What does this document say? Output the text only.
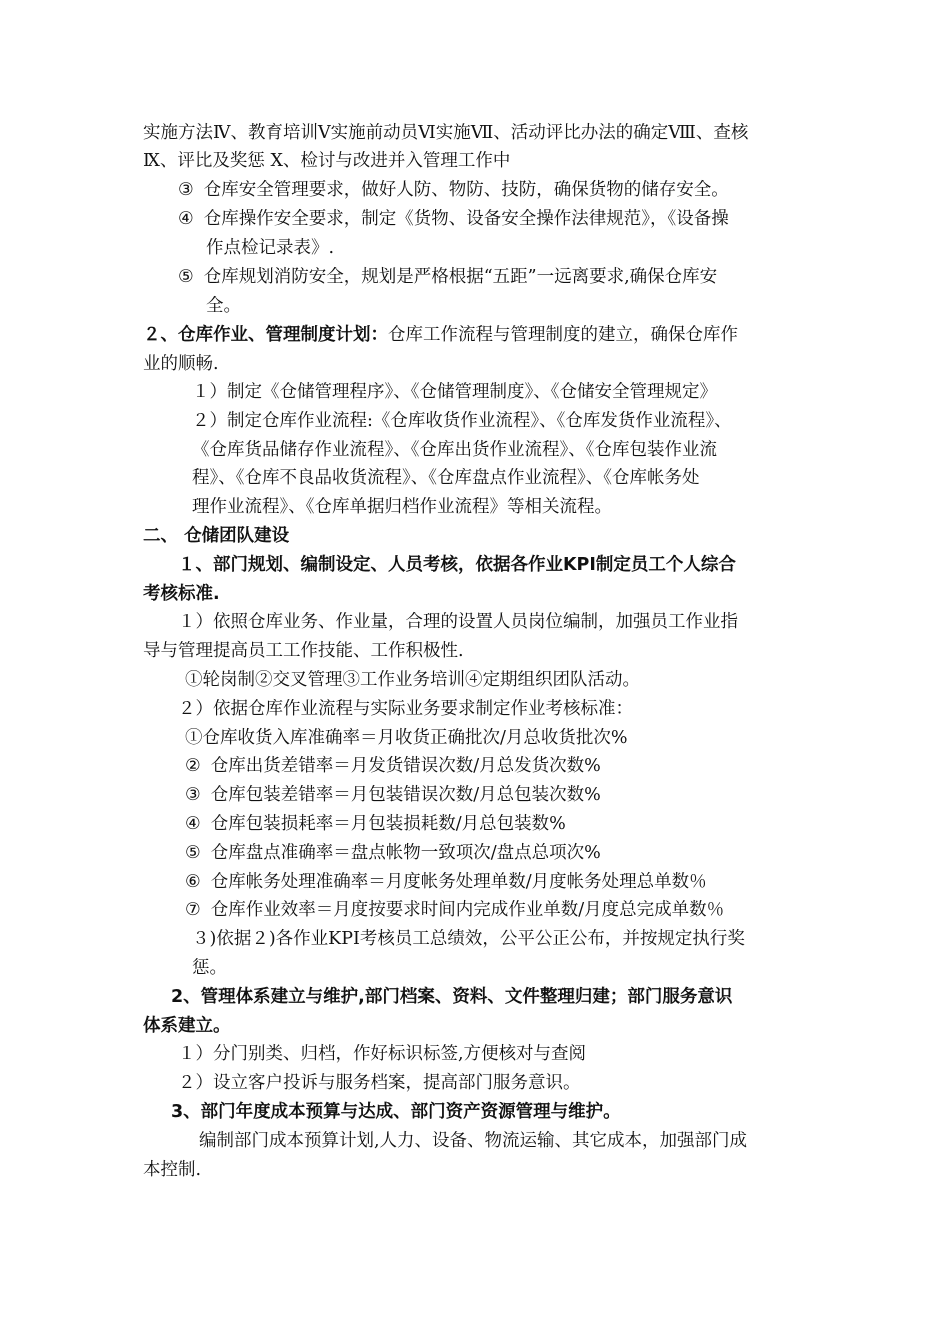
实施方法Ⅳ、教育培训Ⅴ实施前动员Ⅵ实施Ⅶ、活动评比办法的确定Ⅷ、查核
Ⅸ、评比及奖惩 Ⅹ、检讨与改进并入管理工作中
③ 仓库安全管理要求，做好人防、物防、技防，确保货物的储存安全。
④ 仓库操作安全要求，制定《货物、设备安全操作法律规范》，《设备操
作点检记录表》.
⑤ 仓库规划消防安全，规划是严格根据“五距”一远离要求,确保仓库安
全。
２、仓库作业、管理制度计划：仓库工作流程与管理制度的建立，确保仓库作
业的顺畅.
１）制定《仓储管理程序》、《仓储管理制度》、《仓储安全管理规定》
２）制定仓库作业流程:《仓库收货作业流程》、《仓库发货作业流程》、
《仓库货品储存作业流程》、《仓库出货作业流程》、《仓库包装作业流
程》、《仓库不良品收货流程》、《仓库盘点作业流程》、《仓库帐务处
理作业流程》、《仓库单据归档作业流程》等相关流程。
二、 仓储团队建设
１、部门规划、编制设定、人员考核，依据各作业KPI制定员工个人综合
考核标准.
１）依照仓库业务、作业量，合理的设置人员岗位编制，加强员工作业指
导与管理提高员工工作技能、工作积极性.
①轮岗制②交叉管理③工作业务培训④定期组织团队活动。
２）依据仓库作业流程与实际业务要求制定作业考核标准：
①仓库收货入库准确率＝月收货正确批次/月总收货批次%
② 仓库出货差错率＝月发货错误次数/月总发货次数%
③ 仓库包装差错率＝月包装错误次数/月总包装次数%
④ 仓库包装损耗率＝月包装损耗数/月总包装数%
⑤ 仓库盘点准确率＝盘点帐物一致项次/盘点总项次%
⑥ 仓库帐务处理准确率＝月度帐务处理单数/月度帐务处理总单数％
⑦ 仓库作业效率＝月度按要求时间内完成作业单数/月度总完成单数％
３)依据２)各作业KPI考核员工总绩效，公平公正公布，并按规定执行奖
惩。
2、管理体系建立与维护,部门档案、资料、文件整理归建；部门服务意识
体系建立。
１）分门别类、归档，作好标识标签,方便核对与查阅
２）设立客户投诉与服务档案，提高部门服务意识。
3、部门年度成本预算与达成、部门资产资源管理与维护。
编制部门成本预算计划,人力、设备、物流运输、其它成本，加强部门成
本控制.
